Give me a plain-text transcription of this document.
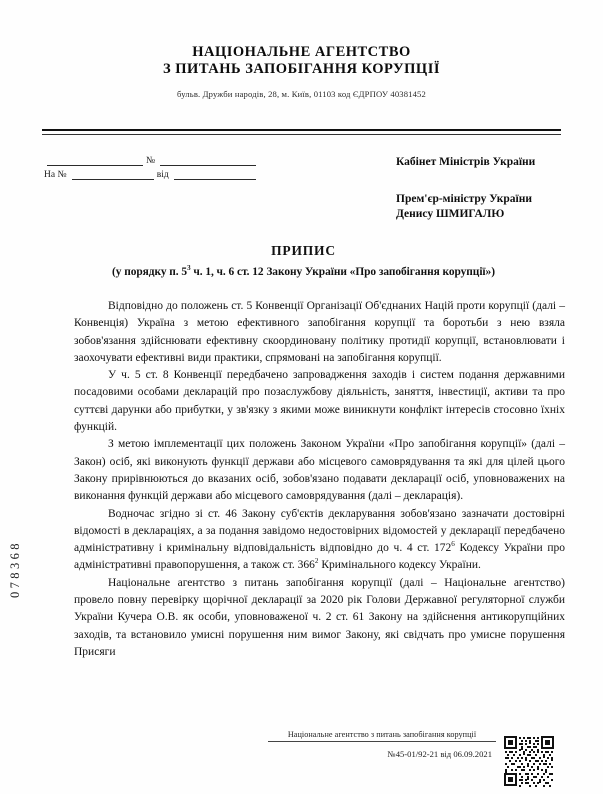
НАЦІОНАЛЬНЕ АГЕНТСТВО
З ПИТАНЬ ЗАПОБІГАННЯ КОРУПЦІЇ
бульв. Дружби народів, 28, м. Київ, 01103 код ЄДРПОУ 40381452
№
На №	від
Кабінет Міністрів України
Прем'єр-міністру України
Денису ШМИГАЛЮ
ПРИПИС
(у порядку п. $5^3$ ч. 1, ч. 6 ст. 12 Закону України «Про запобігання корупції»)

Відповідно до положень ст. 5 Конвенції Організації Об'єднаних Націй проти корупції (далі – Конвенція) Україна з метою ефективного запобігання корупції та боротьби з нею взяла зобов'язання здійснювати ефективну скоординовану політику протидії корупції, встановлювати і заохочувати ефективні види практики, спрямовані на запобігання корупції.

У ч. 5 ст. 8 Конвенції передбачено запровадження заходів і систем подання державними посадовими особами декларацій про позаслужбову діяльність, заняття, інвестиції, активи та про суттєві дарунки або прибутки, у зв'язку з якими може виникнути конфлікт інтересів стосовно їхніх функцій.

З метою імплементації цих положень Законом України «Про запобігання корупції» (далі – Закон) осіб, які виконують функції держави або місцевого самоврядування та які для цілей цього Закону прирівнюються до вказаних осіб, зобов'язано подавати декларації осіб, уповноважених на виконання функцій держави або місцевого самоврядування (далі – декларація).

Водночас згідно зі ст. 46 Закону суб'єктів декларування зобов'язано зазначати достовірні відомості в деклараціях, а за подання завідомо недостовірних відомостей у декларації передбачено адміністративну і кримінальну відповідальність відповідно до ч. 4 ст. $172^6$ Кодексу України про адміністративні правопорушення, а також ст. $366^2$ Кримінального кодексу України.

Національне агентство з питань запобігання корупції (далі – Національне агентство) провело повну перевірку щорічної декларації за 2020 рік Голови Державної регуляторної служби України Кучера О.В. як особи, уповноваженої ч. 2 ст. 61 Закону на здійснення антикорупційних заходів, та встановило умисні порушення ним вимог Закону, які свідчать про умисне порушення Присяги

078368
Національне агентство з питань запобігання корупції
№45-01/92-21 від 06.09.2021
